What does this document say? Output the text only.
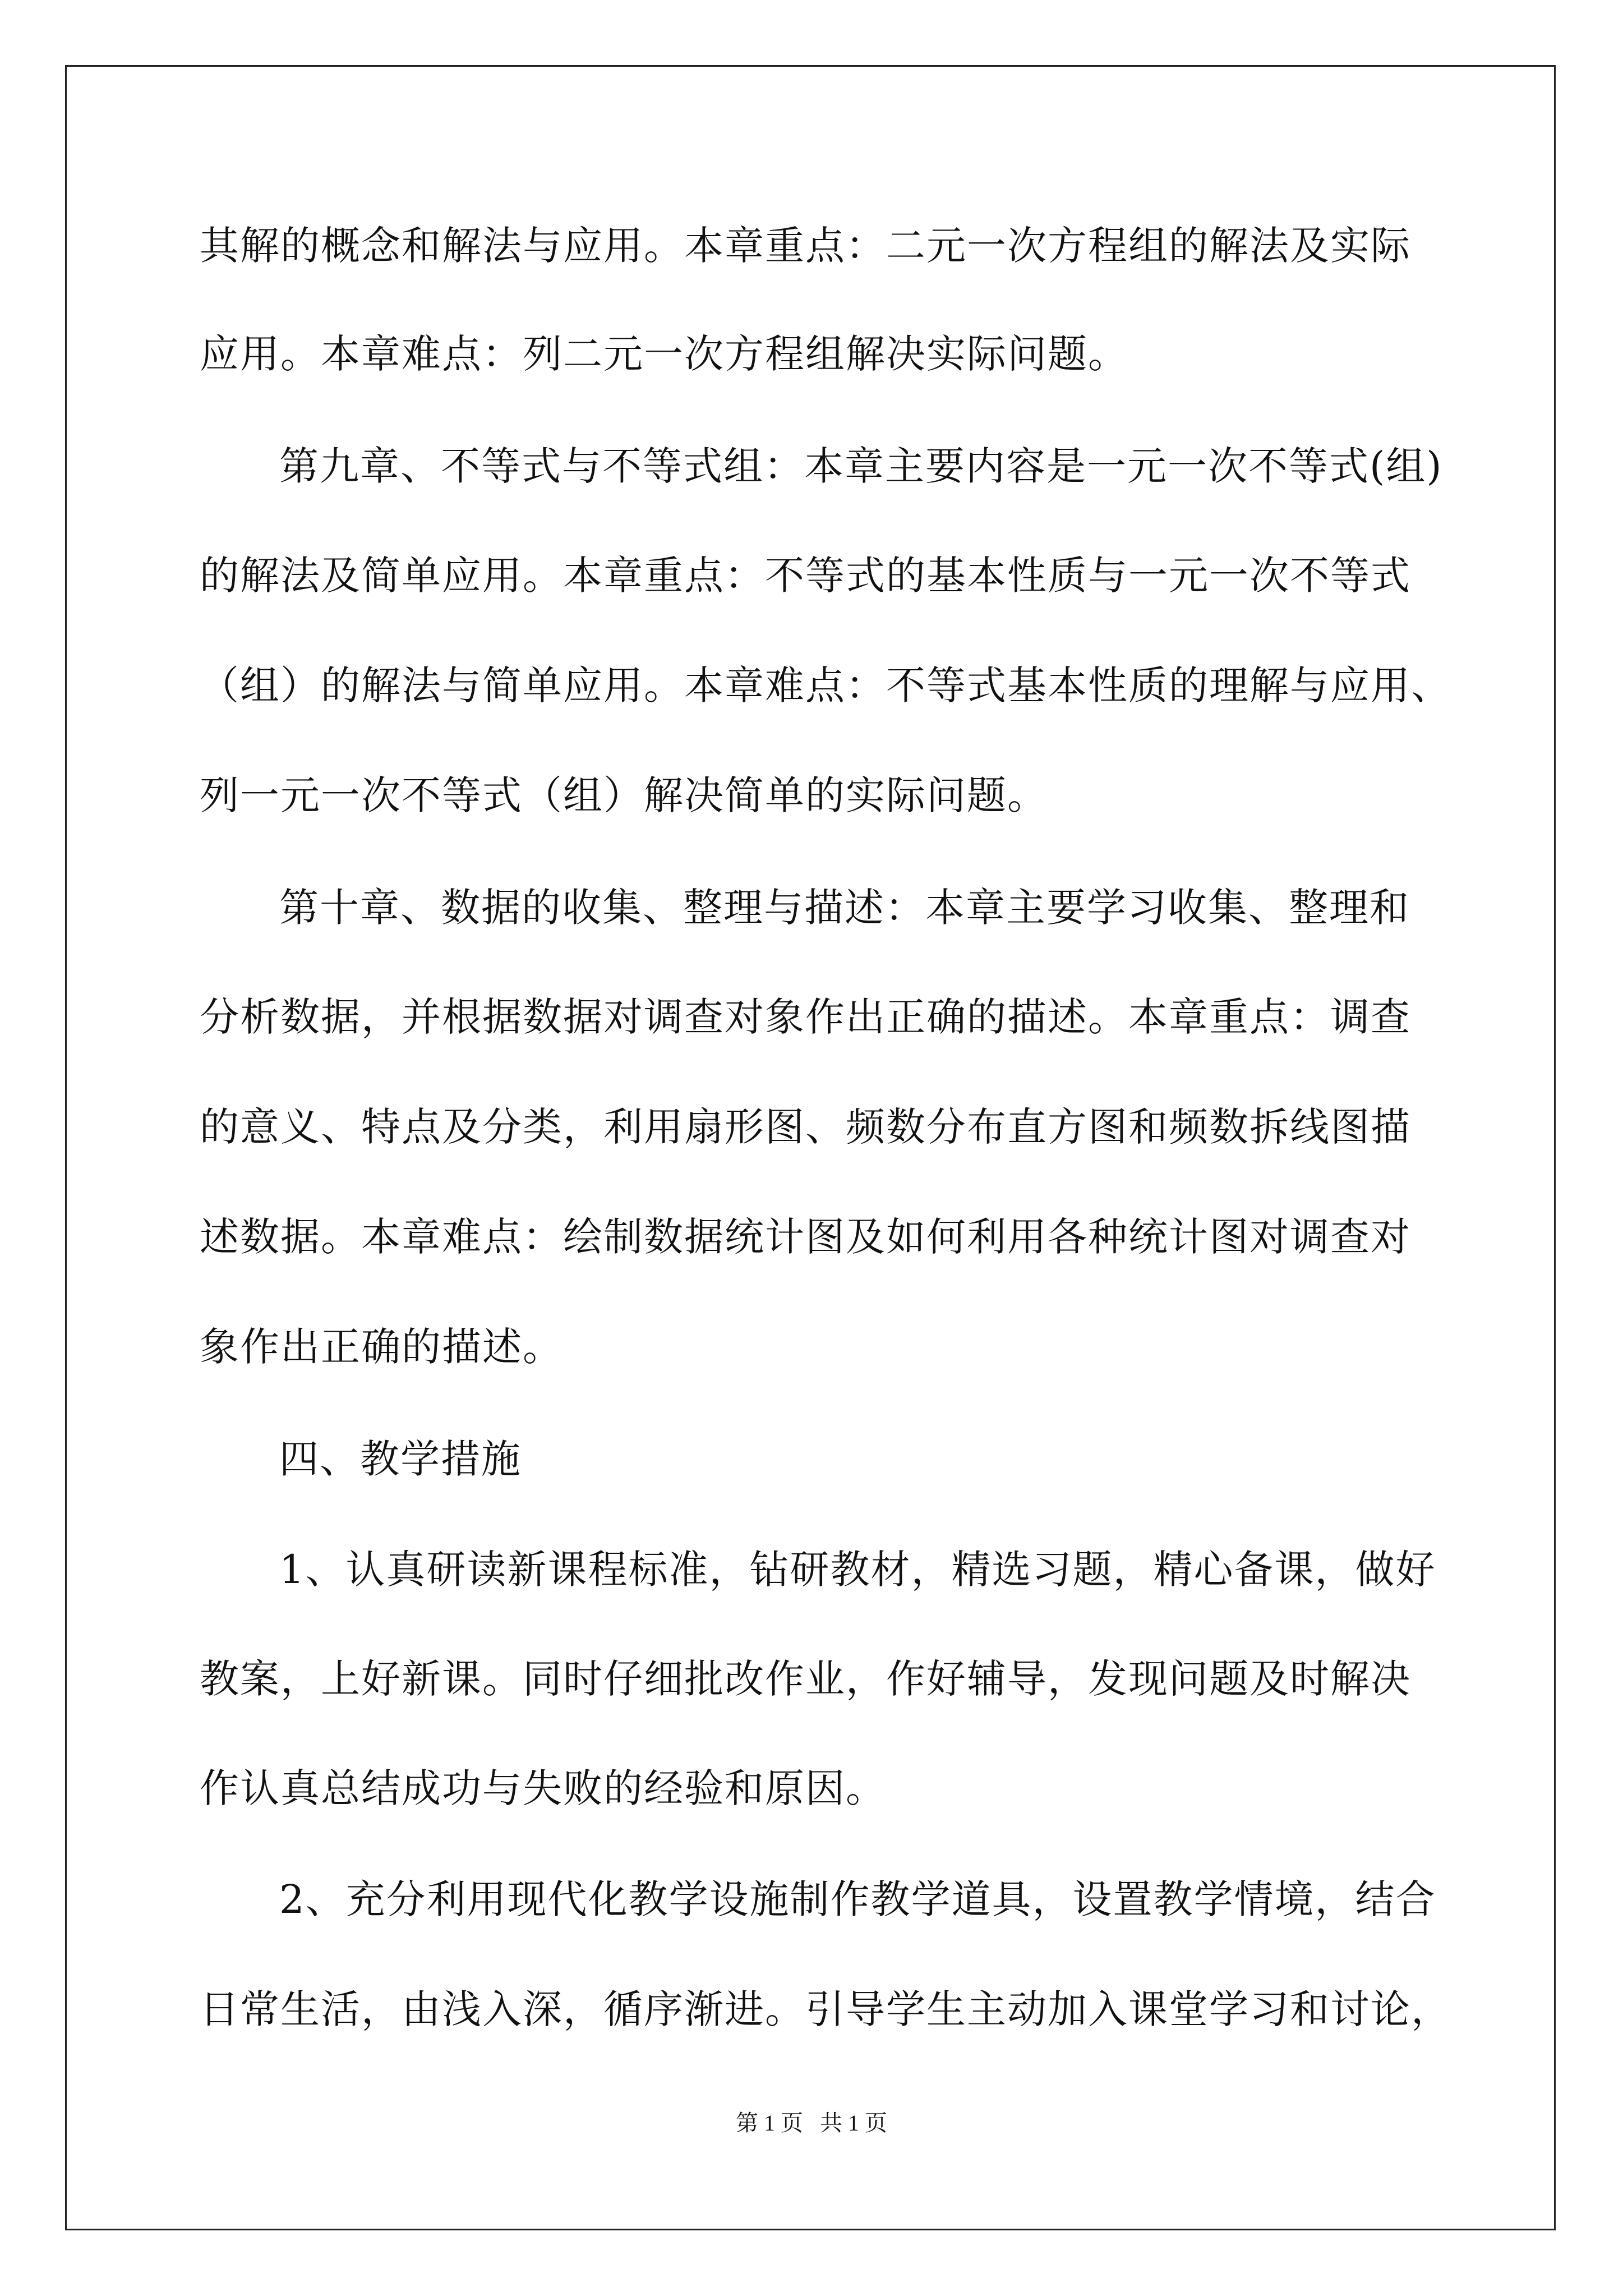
其解的概念和解法与应用。本章重点：二元一次方程组的解法及实际
应用。本章难点：列二元一次方程组解决实际问题。
第九章、不等式与不等式组：本章主要内容是一元一次不等式(组)
的解法及简单应用。本章重点：不等式的基本性质与一元一次不等式
（组）的解法与简单应用。本章难点：不等式基本性质的理解与应用、
列一元一次不等式（组）解决简单的实际问题。
第十章、数据的收集、整理与描述：本章主要学习收集、整理和
分析数据，并根据数据对调查对象作出正确的描述。本章重点：调查
的意义、特点及分类，利用扇形图、频数分布直方图和频数拆线图描
述数据。本章难点：绘制数据统计图及如何利用各种统计图对调查对
象作出正确的描述。
四、教学措施
1、认真研读新课程标准，钻研教材，精选习题，精心备课，做好
教案，上好新课。同时仔细批改作业，作好辅导，发现问题及时解决
作认真总结成功与失败的经验和原因。
2、充分利用现代化教学设施制作教学道具，设置教学情境，结合
日常生活，由浅入深，循序渐进。引导学生主动加入课堂学习和讨论，
第 1 页   共 1 页
